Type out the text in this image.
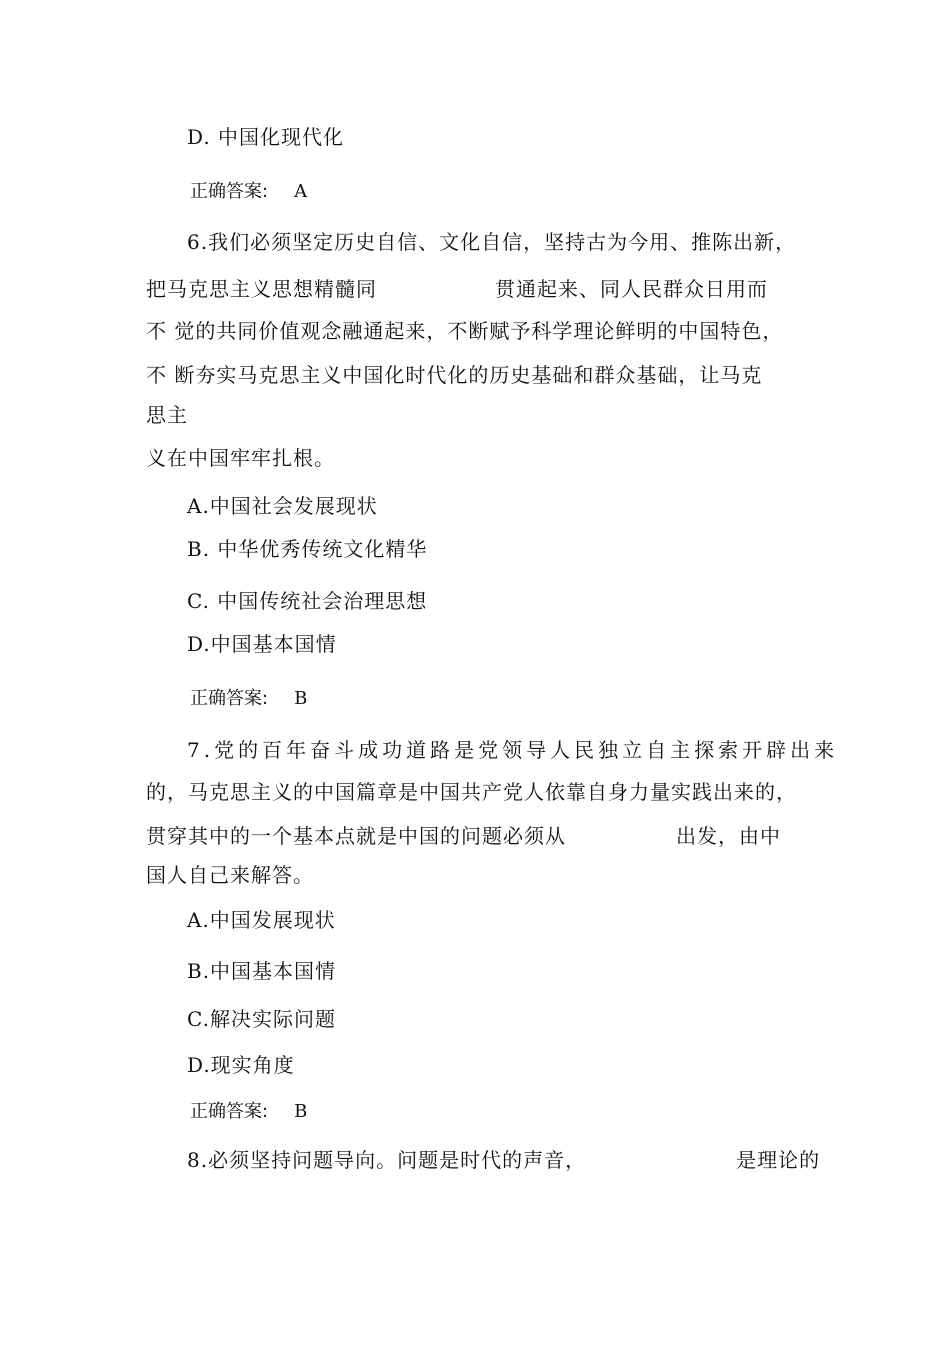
D. 中国化现代化
正确答案: A
6.我们必须坚定历史自信、文化自信，坚持古为今用、推陈出新，
把马克思主义思想精髓同	贯通起来、同人民群众日用而
不 觉的共同价值观念融通起来，不断赋予科学理论鲜明的中国特色，
不 断夯实马克思主义中国化时代化的历史基础和群众基础，让马克
思主
义在中国牢牢扎根。
A.中国社会发展现状
B. 中华优秀传统文化精华
C. 中国传统社会治理思想
D.中国基本国情
正确答案: B
7.党的百年奋斗成功道路是党领导人民独立自主探索开辟出来
的，马克思主义的中国篇章是中国共产党人依靠自身力量实践出来的，
贯穿其中的一个基本点就是中国的问题必须从	出发，由中
国人自己来解答。
A.中国发展现状
B.中国基本国情
C.解决实际问题
D.现实角度
正确答案: B
8.必须坚持问题导向。问题是时代的声音，	是理论的
